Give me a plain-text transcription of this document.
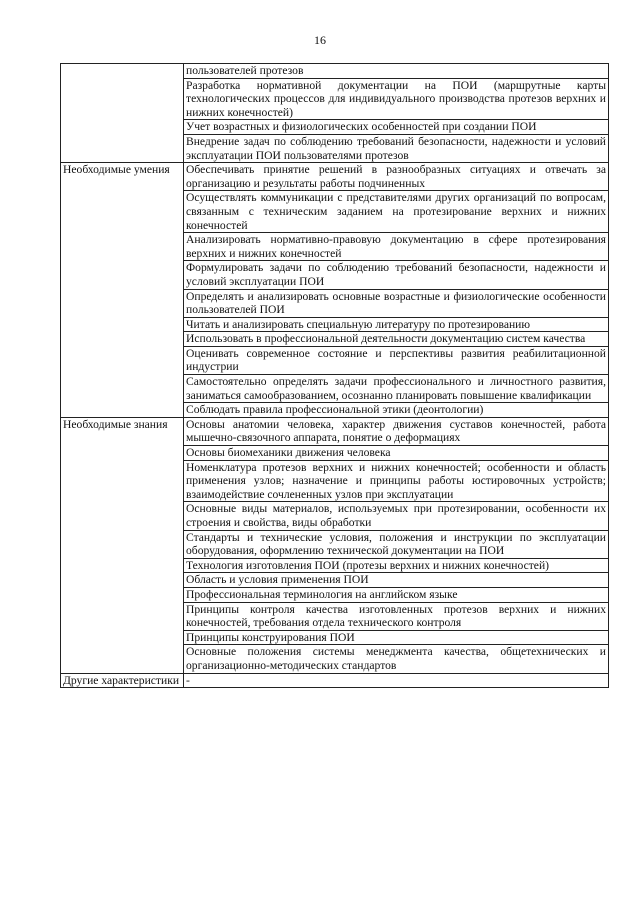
16
	пользователей протезов
	Разработка нормативной документации на ПОИ (маршрутные карты технологических процессов для индивидуального производства протезов верхних и нижних конечностей)
	Учет возрастных и физиологических особенностей при создании ПОИ
	Внедрение задач по соблюдению требований безопасности, надежности и условий эксплуатации ПОИ пользователями протезов
Необходимые умения	Обеспечивать принятие решений в разнообразных ситуациях и отвечать за организацию и результаты работы подчиненных
	Осуществлять коммуникации с представителями других организаций по вопросам, связанным с техническим заданием на протезирование верхних и нижних конечностей
	Анализировать нормативно-правовую документацию в сфере протезирования верхних и нижних конечностей
	Формулировать задачи по соблюдению требований безопасности, надежности и условий эксплуатации ПОИ
	Определять и анализировать основные возрастные и физиологические особенности пользователей ПОИ
	Читать и анализировать специальную литературу по протезированию
	Использовать в профессиональной деятельности документацию систем качества
	Оценивать современное состояние и перспективы развития реабилитационной индустрии
	Самостоятельно определять задачи профессионального и личностного развития, заниматься самообразованием, осознанно планировать повышение квалификации
	Соблюдать правила профессиональной этики (деонтологии)
Необходимые знания	Основы анатомии человека, характер движения суставов конечностей, работа мышечно-связочного аппарата, понятие о деформациях
	Основы биомеханики движения человека
	Номенклатура протезов верхних и нижних конечностей; особенности и область применения узлов; назначение и принципы работы юстировочных устройств; взаимодействие сочлененных узлов при эксплуатации
	Основные виды материалов, используемых при протезировании, особенности их строения и свойства, виды обработки
	Стандарты и технические условия, положения и инструкции по эксплуатации оборудования, оформлению технической документации на ПОИ
	Технология изготовления ПОИ (протезы верхних и нижних конечностей)
	Область и условия применения ПОИ
	Профессиональная терминология на английском языке
	Принципы контроля качества изготовленных протезов верхних и нижних конечностей, требования отдела технического контроля
	Принципы конструирования ПОИ
	Основные положения системы менеджмента качества, общетехнических и организационно-методических стандартов
Другие характеристики	-
